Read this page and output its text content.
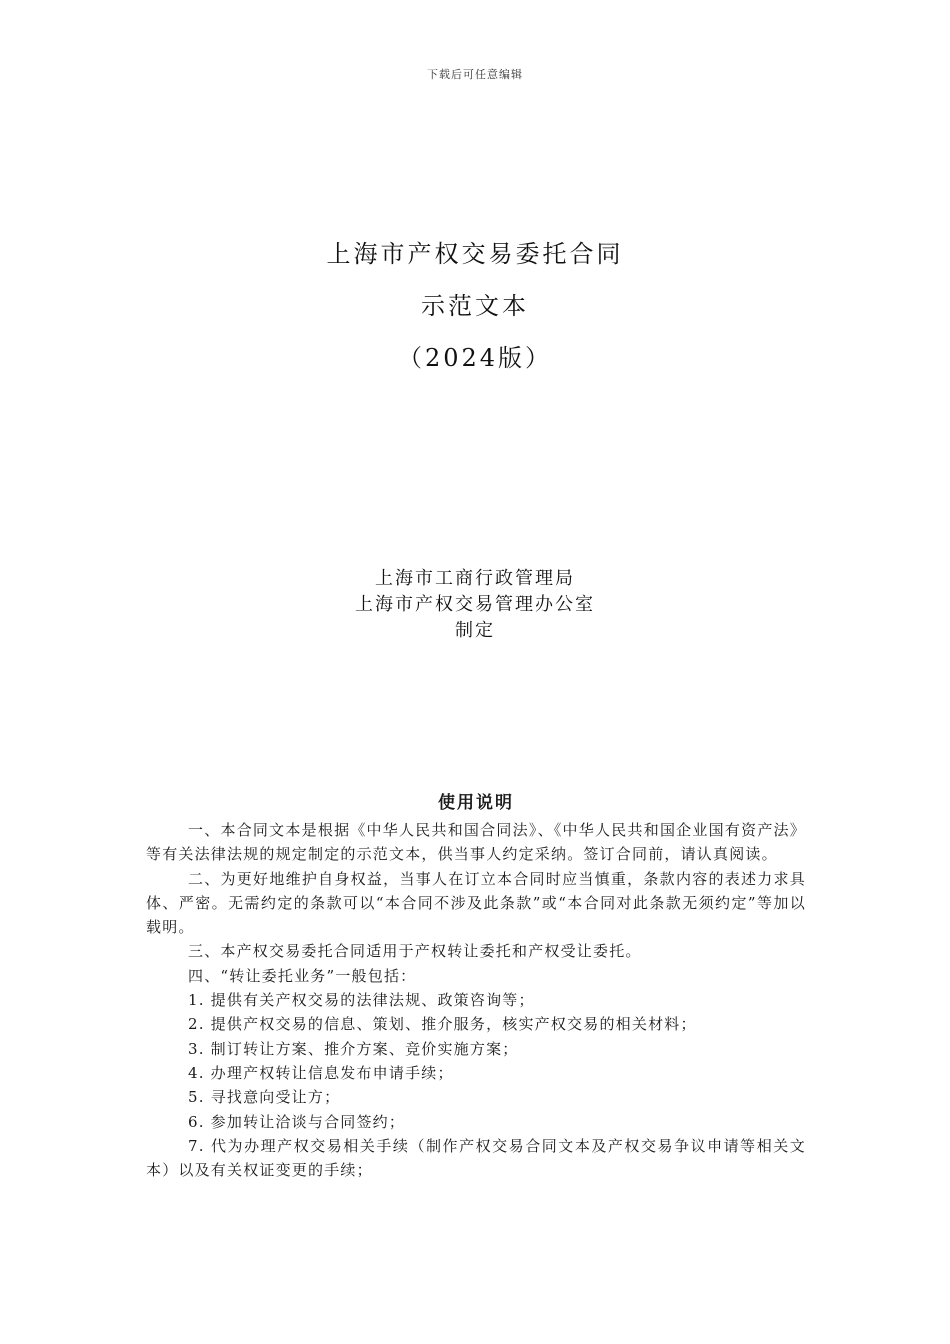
下载后可任意编辑
上海市产权交易委托合同
示范文本
（2024版）
上海市工商行政管理局
上海市产权交易管理办公室
制定
使用说明

一、本合同文本是根据《中华人民共和国合同法》、《中华人民共和国企业国有资产法》等有关法律法规的规定制定的示范文本，供当事人约定采纳。签订合同前，请认真阅读。

二、为更好地维护自身权益，当事人在订立本合同时应当慎重，条款内容的表述力求具体、严密。无需约定的条款可以“本合同不涉及此条款”或“本合同对此条款无须约定”等加以载明。

三、本产权交易委托合同适用于产权转让委托和产权受让委托。

四、“转让委托业务”一般包括：

1. 提供有关产权交易的法律法规、政策咨询等；

2. 提供产权交易的信息、策划、推介服务，核实产权交易的相关材料；

3. 制订转让方案、推介方案、竞价实施方案；

4. 办理产权转让信息发布申请手续；

5. 寻找意向受让方；

6. 参加转让洽谈与合同签约；

7. 代为办理产权交易相关手续（制作产权交易合同文本及产权交易争议申请等相关文本）以及有关权证变更的手续；
